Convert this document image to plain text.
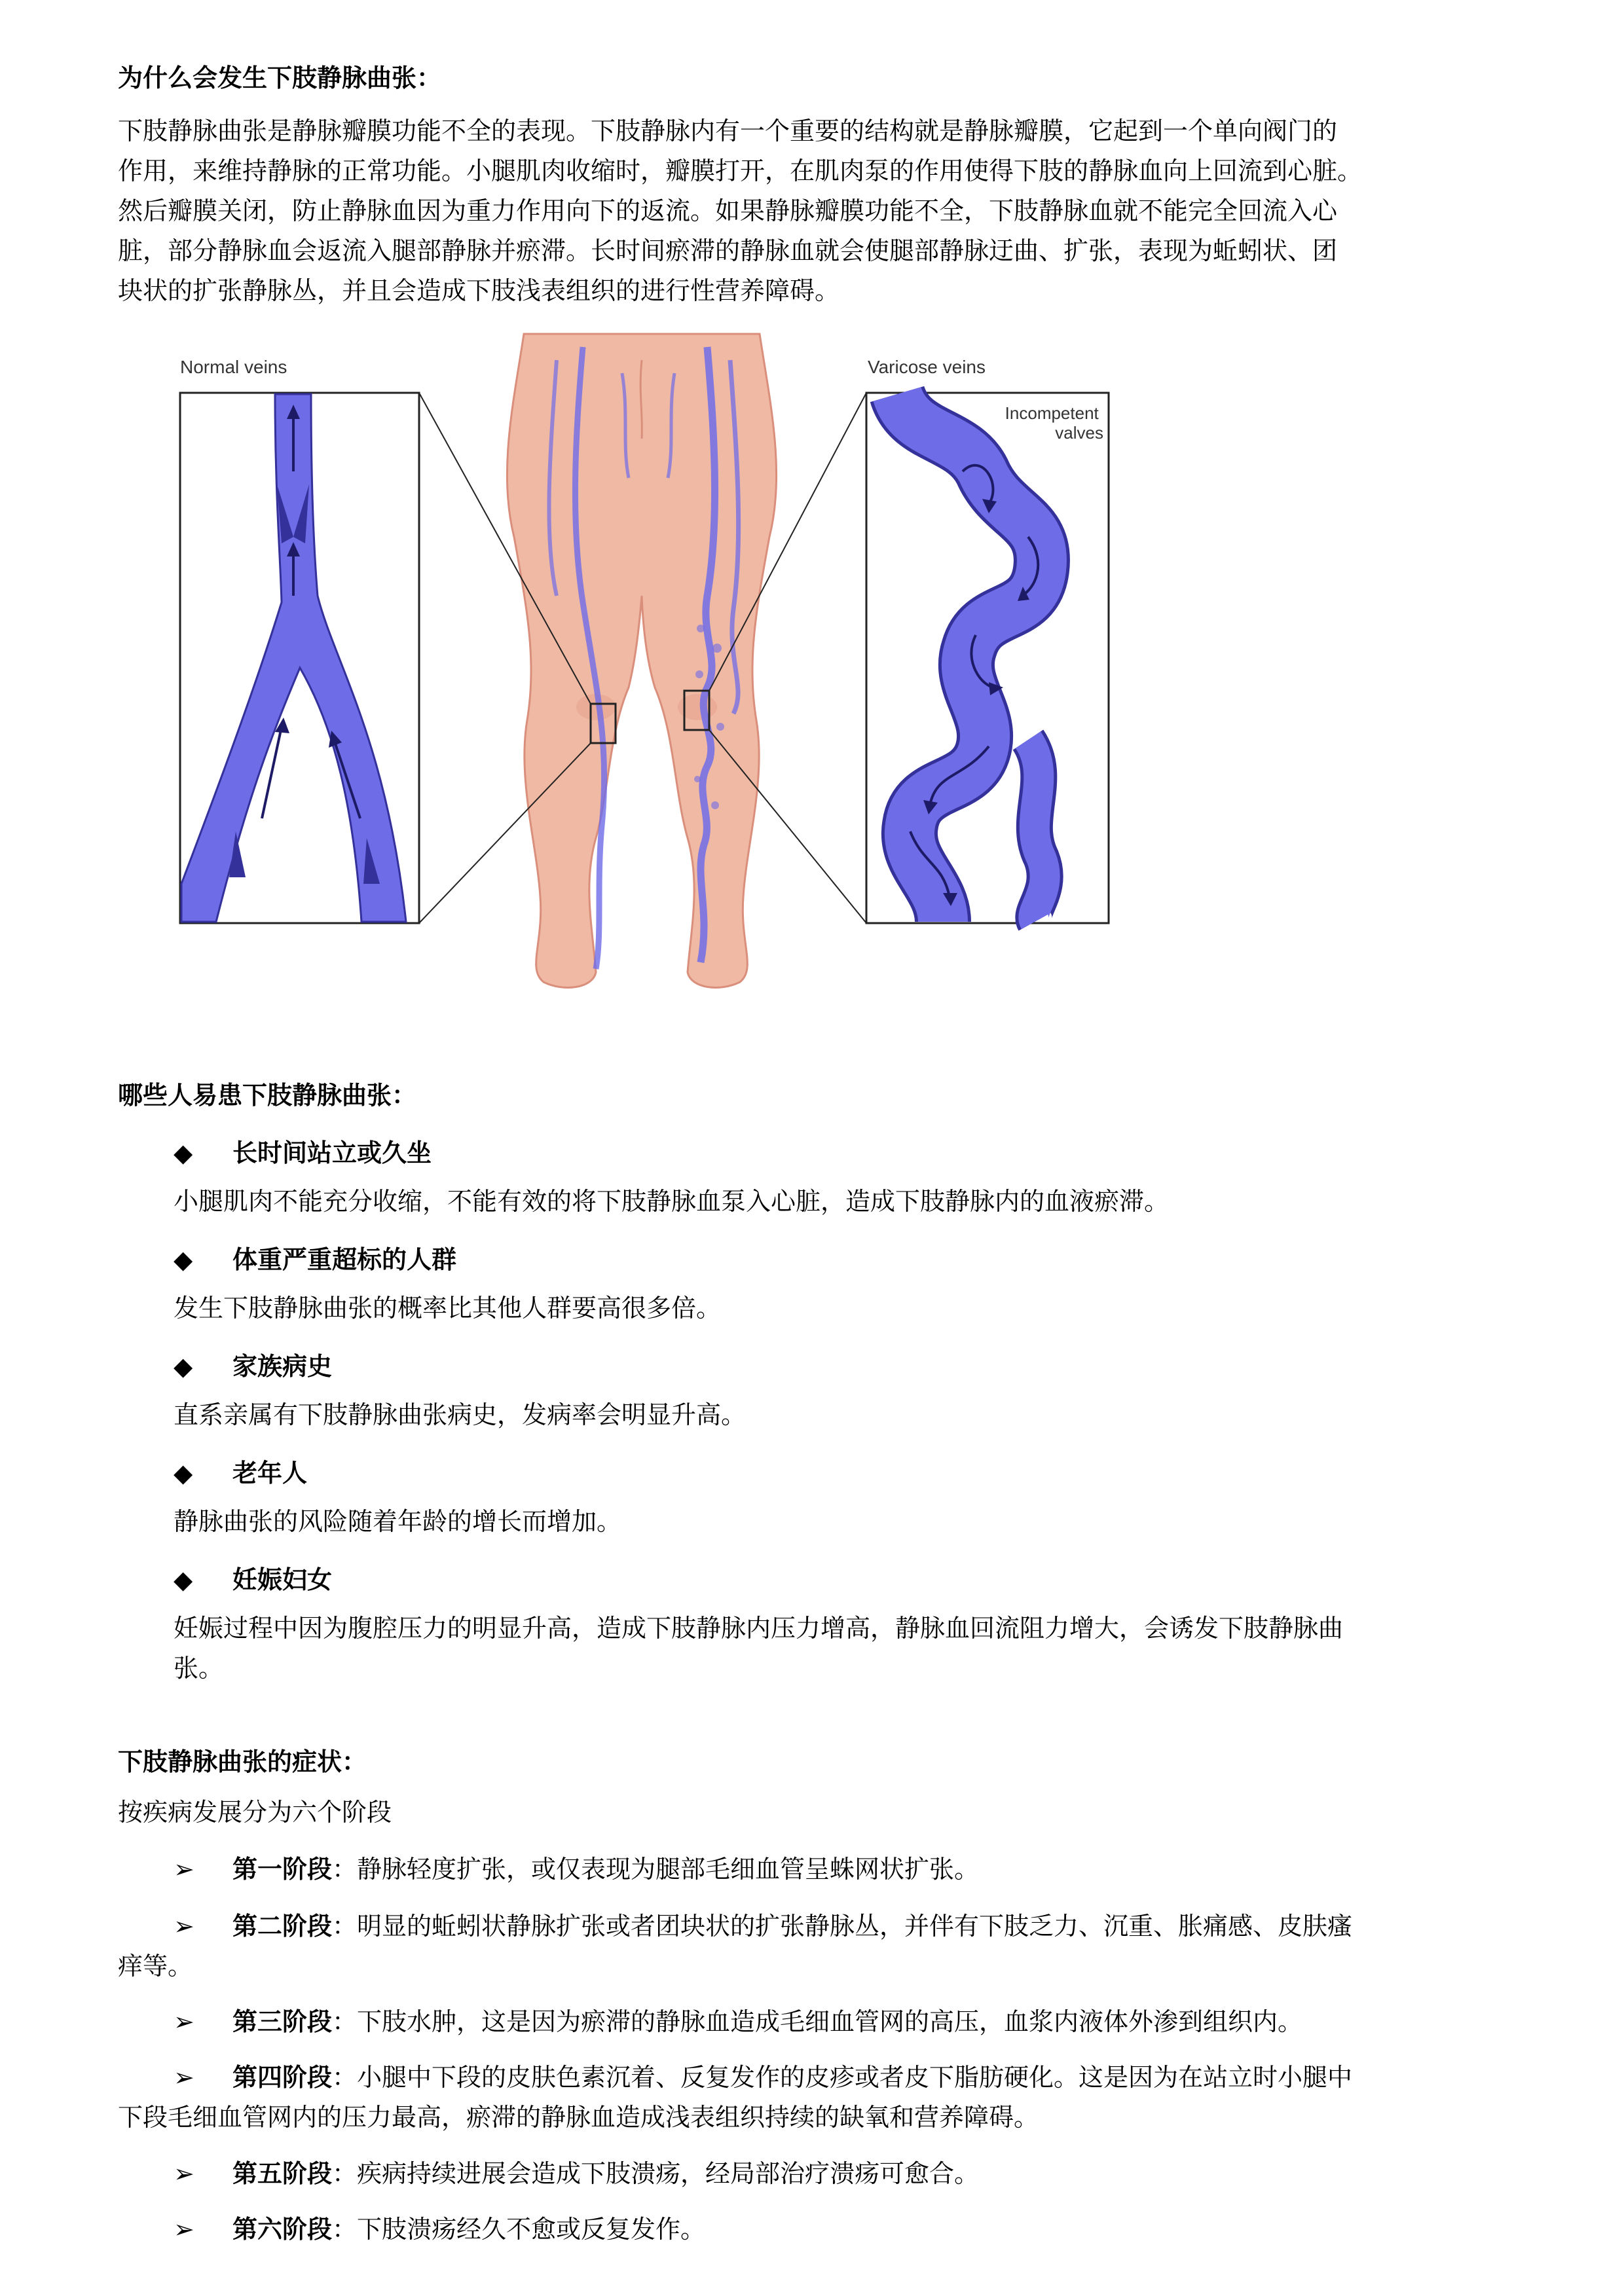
为什么会发生下肢静脉曲张：

下肢静脉曲张是静脉瓣膜功能不全的表现。下肢静脉内有一个重要的结构就是静脉瓣膜，它起到一个单向阀门的

作用，来维持静脉的正常功能。小腿肌肉收缩时，瓣膜打开，在肌肉泵的作用使得下肢的静脉血向上回流到心脏。

然后瓣膜关闭，防止静脉血因为重力作用向下的返流。如果静脉瓣膜功能不全，下肢静脉血就不能完全回流入心

脏，部分静脉血会返流入腿部静脉并瘀滞。长时间瘀滞的静脉血就会使腿部静脉迂曲、扩张，表现为蚯蚓状、团

块状的扩张静脉丛，并且会造成下肢浅表组织的进行性营养障碍。

Normal veins	Varicose veins
Incompetent valves
哪些人易患下肢静脉曲张：
◆ 长时间站立或久坐
小腿肌肉不能充分收缩，不能有效的将下肢静脉血泵入心脏，造成下肢静脉内的血液瘀滞。
◆ 体重严重超标的人群
发生下肢静脉曲张的概率比其他人群要高很多倍。
◆ 家族病史
直系亲属有下肢静脉曲张病史，发病率会明显升高。
◆ 老年人
静脉曲张的风险随着年龄的增长而增加。
◆ 妊娠妇女
妊娠过程中因为腹腔压力的明显升高，造成下肢静脉内压力增高，静脉血回流阻力增大，会诱发下肢静脉曲
张。
下肢静脉曲张的症状：
按疾病发展分为六个阶段
➢ 第一阶段：静脉轻度扩张，或仅表现为腿部毛细血管呈蛛网状扩张。
➢ 第二阶段：明显的蚯蚓状静脉扩张或者团块状的扩张静脉丛，并伴有下肢乏力、沉重、胀痛感、皮肤瘙
痒等。
➢ 第三阶段：下肢水肿，这是因为瘀滞的静脉血造成毛细血管网的高压，血浆内液体外渗到组织内。
➢ 第四阶段：小腿中下段的皮肤色素沉着、反复发作的皮疹或者皮下脂肪硬化。这是因为在站立时小腿中
下段毛细血管网内的压力最高，瘀滞的静脉血造成浅表组织持续的缺氧和营养障碍。
➢ 第五阶段：疾病持续进展会造成下肢溃疡，经局部治疗溃疡可愈合。
➢ 第六阶段：下肢溃疡经久不愈或反复发作。
